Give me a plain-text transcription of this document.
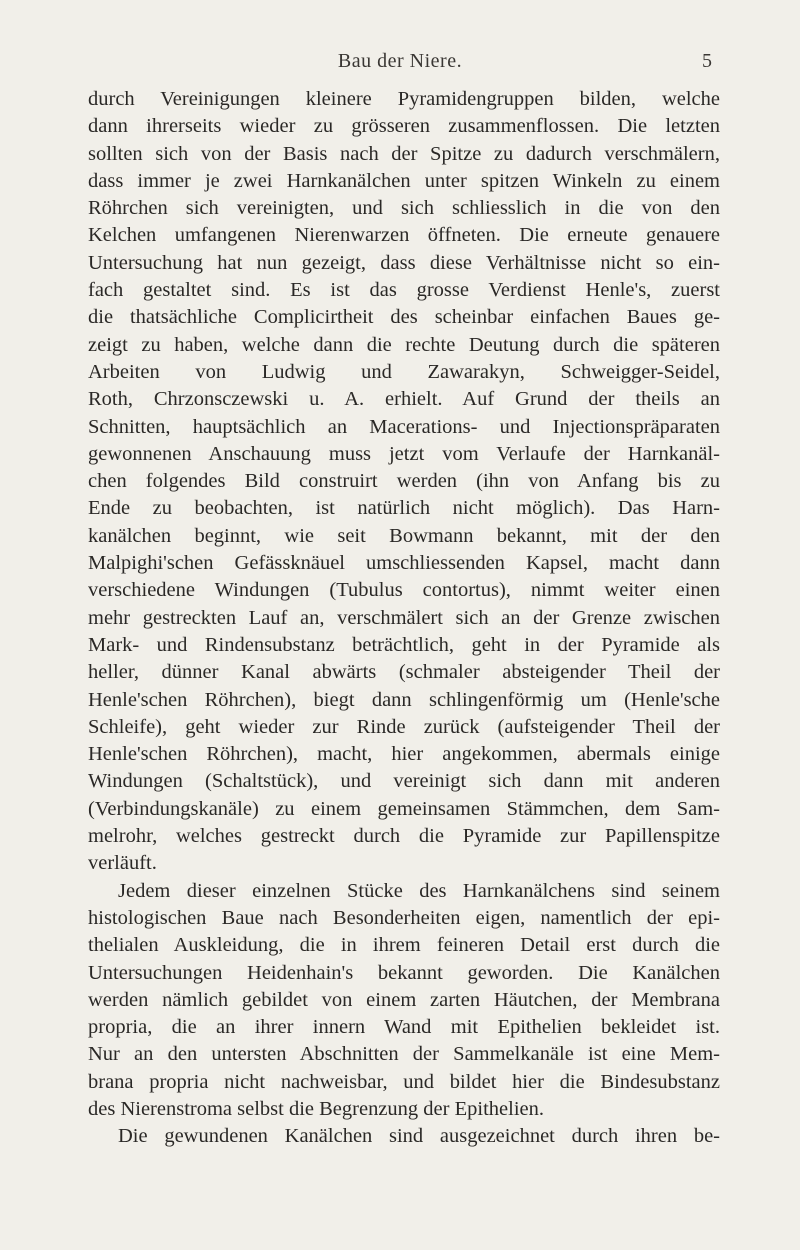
Bau der Niere.	5
durch Vereinigungen kleinere Pyramidengruppen bilden, welche
dann ihrerseits wieder zu grösseren zusammenflossen. Die letzten
sollten sich von der Basis nach der Spitze zu dadurch verschmälern,
dass immer je zwei Harnkanälchen unter spitzen Winkeln zu einem
Röhrchen sich vereinigten, und sich schliesslich in die von den
Kelchen umfangenen Nierenwarzen öffneten. Die erneute genauere
Untersuchung hat nun gezeigt, dass diese Verhältnisse nicht so ein-
fach gestaltet sind. Es ist das grosse Verdienst Henle's, zuerst
die thatsächliche Complicirtheit des scheinbar einfachen Baues ge-
zeigt zu haben, welche dann die rechte Deutung durch die späteren
Arbeiten von Ludwig und Zawarakyn, Schweigger-Seidel,
Roth, Chrzonsczewski u. A. erhielt. Auf Grund der theils an
Schnitten, hauptsächlich an Macerations- und Injectionspräparaten
gewonnenen Anschauung muss jetzt vom Verlaufe der Harnkanäl-
chen folgendes Bild construirt werden (ihn von Anfang bis zu
Ende zu beobachten, ist natürlich nicht möglich). Das Harn-
kanälchen beginnt, wie seit Bowmann bekannt, mit der den
Malpighi'schen Gefässknäuel umschliessenden Kapsel, macht dann
verschiedene Windungen (Tubulus contortus), nimmt weiter einen
mehr gestreckten Lauf an, verschmälert sich an der Grenze zwischen
Mark- und Rindensubstanz beträchtlich, geht in der Pyramide als
heller, dünner Kanal abwärts (schmaler absteigender Theil der
Henle'schen Röhrchen), biegt dann schlingenförmig um (Henle'sche
Schleife), geht wieder zur Rinde zurück (aufsteigender Theil der
Henle'schen Röhrchen), macht, hier angekommen, abermals einige
Windungen (Schaltstück), und vereinigt sich dann mit anderen
(Verbindungskanäle) zu einem gemeinsamen Stämmchen, dem Sam-
melrohr, welches gestreckt durch die Pyramide zur Papillenspitze
verläuft.
Jedem dieser einzelnen Stücke des Harnkanälchens sind seinem
histologischen Baue nach Besonderheiten eigen, namentlich der epi-
thelialen Auskleidung, die in ihrem feineren Detail erst durch die
Untersuchungen Heidenhain's bekannt geworden. Die Kanälchen
werden nämlich gebildet von einem zarten Häutchen, der Membrana
propria, die an ihrer innern Wand mit Epithelien bekleidet ist.
Nur an den untersten Abschnitten der Sammelkanäle ist eine Mem-
brana propria nicht nachweisbar, und bildet hier die Bindesubstanz
des Nierenstroma selbst die Begrenzung der Epithelien.
Die gewundenen Kanälchen sind ausgezeichnet durch ihren be-
